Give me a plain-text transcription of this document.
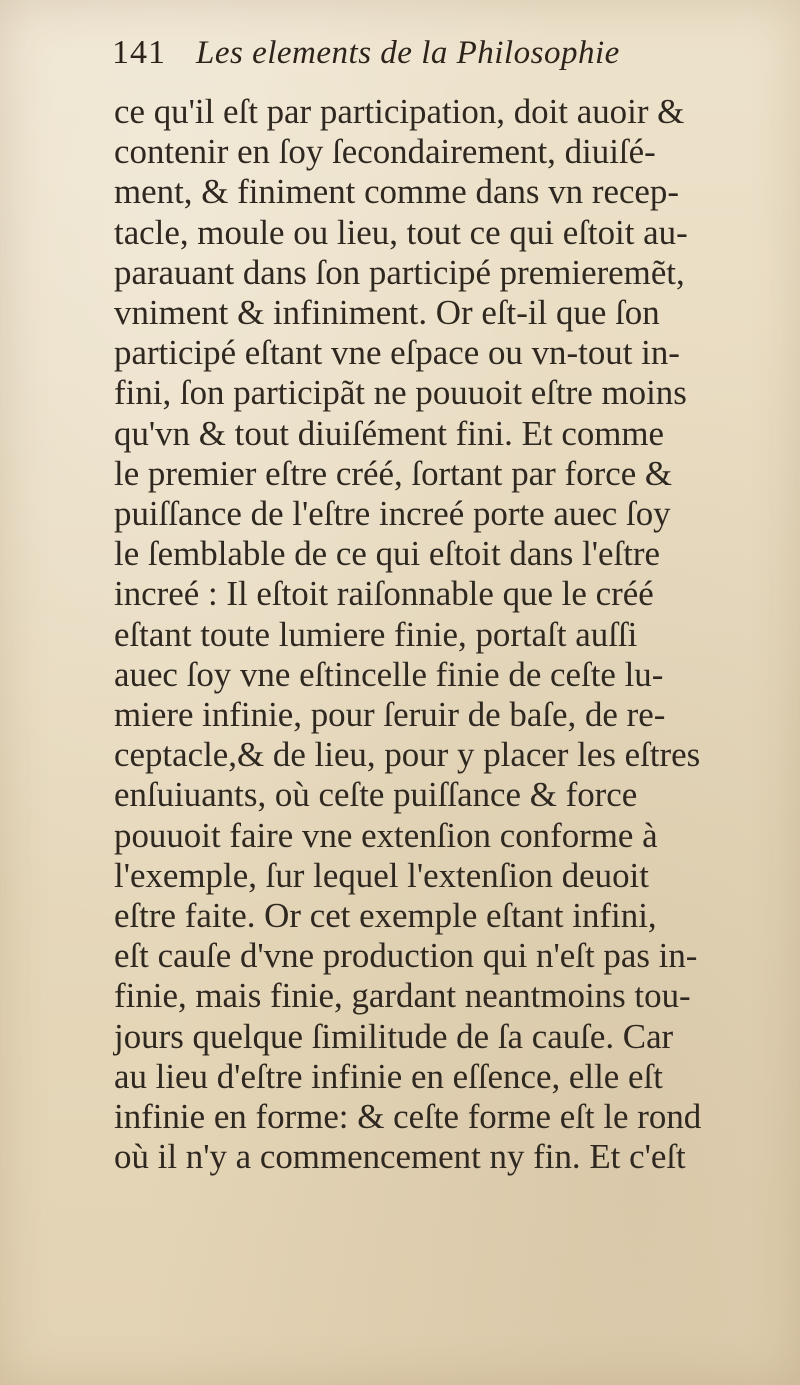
141 Les elements de la Philosophie
ce qu'il eſt par participation, doit auoir &
contenir en ſoy ſecondairement, diuiſé-
ment, & finiment comme dans vn recep-
tacle, moule ou lieu, tout ce qui eſtoit au-
parauant dans ſon participé premieremẽt,
vniment & infiniment. Or eſt-il que ſon
participé eſtant vne eſpace ou vn-tout in-
fini, ſon participãt ne pouuoit eſtre moins
qu'vn & tout diuiſément fini. Et comme
le premier eſtre créé, ſortant par force &
puiſſance de l'eſtre increé porte auec ſoy
le ſemblable de ce qui eſtoit dans l'eſtre
increé : Il eſtoit raiſonnable que le créé
eſtant toute lumiere finie, portaſt auſſi
auec ſoy vne eſtincelle finie de ceſte lu-
miere infinie, pour ſeruir de baſe, de re-
ceptacle,& de lieu, pour y placer les eſtres
enſuiuants, où ceſte puiſſance & force
pouuoit faire vne extenſion conforme à
l'exemple, ſur lequel l'extenſion deuoit
eſtre faite. Or cet exemple eſtant infini,
eſt cauſe d'vne production qui n'eſt pas in-
finie, mais finie, gardant neantmoins tou-
jours quelque ſimilitude de ſa cauſe. Car
au lieu d'eſtre infinie en eſſence, elle eſt
infinie en forme: & ceſte forme eſt le rond
où il n'y a commencement ny fin. Et c'eſt
